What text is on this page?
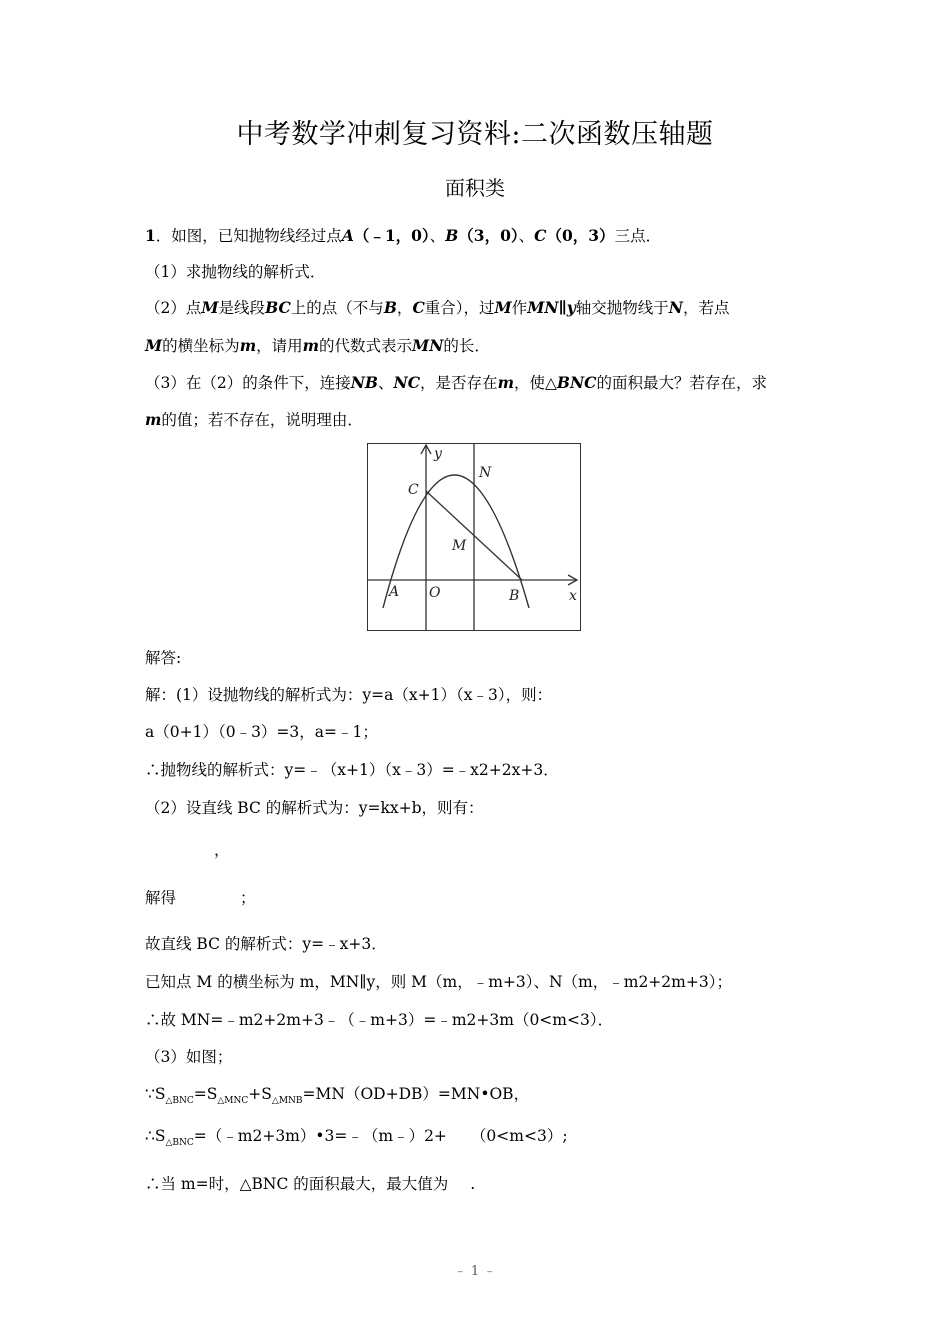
中考数学冲刺复习资料:二次函数压轴题
面积类
1．如图，已知抛物线经过点A（﹣1，0）、B（3，0）、C（0，3）三点．
（1）求抛物线的解析式．
（2）点M是线段BC上的点（不与B，C重合），过M作MN∥y轴交抛物线于N，若点
M的横坐标为m，请用m的代数式表示MN的长．
（3）在（2）的条件下，连接NB、NC，是否存在m，使△BNC的面积最大？若存在，求
m的值；若不存在，说明理由．
y
x
N
C
M
A O	B
解答:
解：(1）设抛物线的解析式为：y=a（x+1）（x﹣3），则：
a（0+1）（0﹣3）=3，a=﹣1；
∴抛物线的解析式：y=﹣（x+1）（x﹣3）=﹣x2+2x+3．
（2）设直线 BC 的解析式为：y=kx+b，则有：
，
解得	；
故直线 BC 的解析式：y=﹣x+3．
已知点 M 的横坐标为 m，MN∥y，则 M（m，﹣m+3）、N（m，﹣m2+2m+3）；
∴故 MN=﹣m2+2m+3﹣（﹣m+3）=﹣m2+3m（0<m<3）．
（3）如图；
$\because S_{\triangle BNC}=S_{\triangle MNC}+S_{\triangle MNB}=MN(OD+DB)=MN•OB$，
$\therefore S_{\triangle BNC}=(﹣m2+3m)•3=﹣(m﹣)2+ (0<m<3)$;
∴当 m=时，△BNC 的面积最大，最大值为 .
﹣ 1 ﹣
